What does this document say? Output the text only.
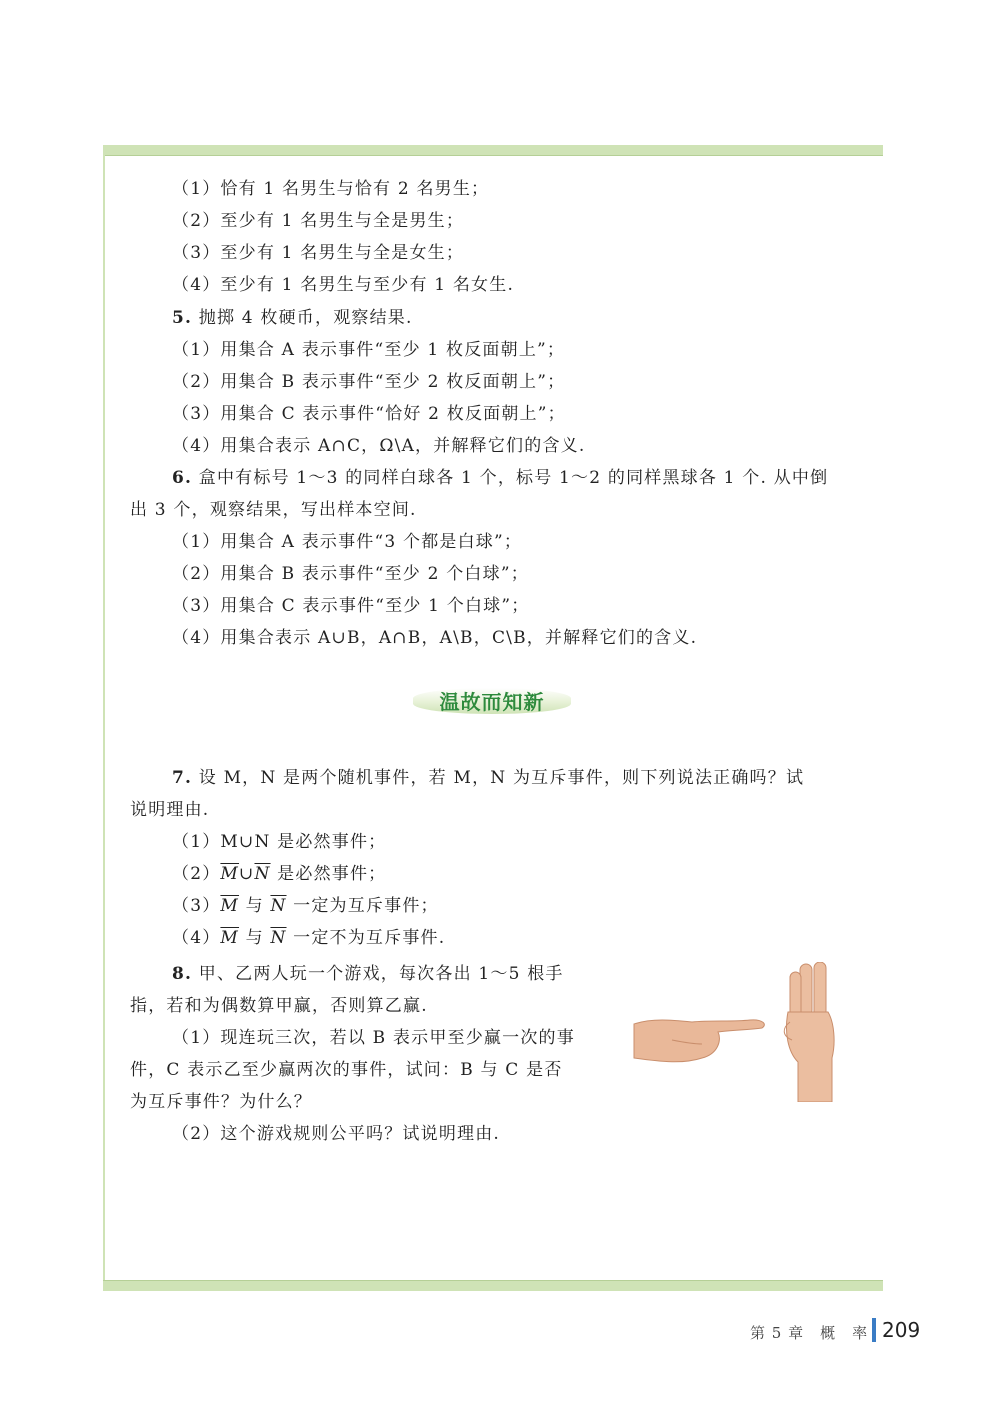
（1）恰有 1 名男生与恰有 2 名男生；
（2）至少有 1 名男生与全是男生；
（3）至少有 1 名男生与全是女生；
（4）至少有 1 名男生与至少有 1 名女生.
5. 抛掷 4 枚硬币，观察结果.
（1）用集合 A 表示事件“至少 1 枚反面朝上”；
（2）用集合 B 表示事件“至少 2 枚反面朝上”；
（3）用集合 C 表示事件“恰好 2 枚反面朝上”；
（4）用集合表示 A∩C，Ω\A，并解释它们的含义.
6. 盒中有标号 1～3 的同样白球各 1 个，标号 1～2 的同样黑球各 1 个. 从中倒
出 3 个，观察结果，写出样本空间.
（1）用集合 A 表示事件“3 个都是白球”；
（2）用集合 B 表示事件“至少 2 个白球”；
（3）用集合 C 表示事件“至少 1 个白球”；
（4）用集合表示 A∪B，A∩B，A\B，C\B，并解释它们的含义.
温故而知新
7. 设 M，N 是两个随机事件，若 M，N 为互斥事件，则下列说法正确吗？试
说明理由.
（1）M∪N 是必然事件；
$(2)\overline{M}\cup\overline{N}$ 是必然事件；
$(3)\overline{M}$ 与 $\overline{N}$ 一定为互斥事件；
$(4)\overline{M}$ 与 $\overline{N}$ 一定不为互斥事件.
8. 甲、乙两人玩一个游戏，每次各出 1～5 根手
指，若和为偶数算甲赢，否则算乙赢.
（1）现连玩三次，若以 B 表示甲至少赢一次的事
件，C 表示乙至少赢两次的事件，试问：B 与 C 是否
为互斥事件？为什么？
（2）这个游戏规则公平吗？试说明理由.
第 5 章　概　率 209
